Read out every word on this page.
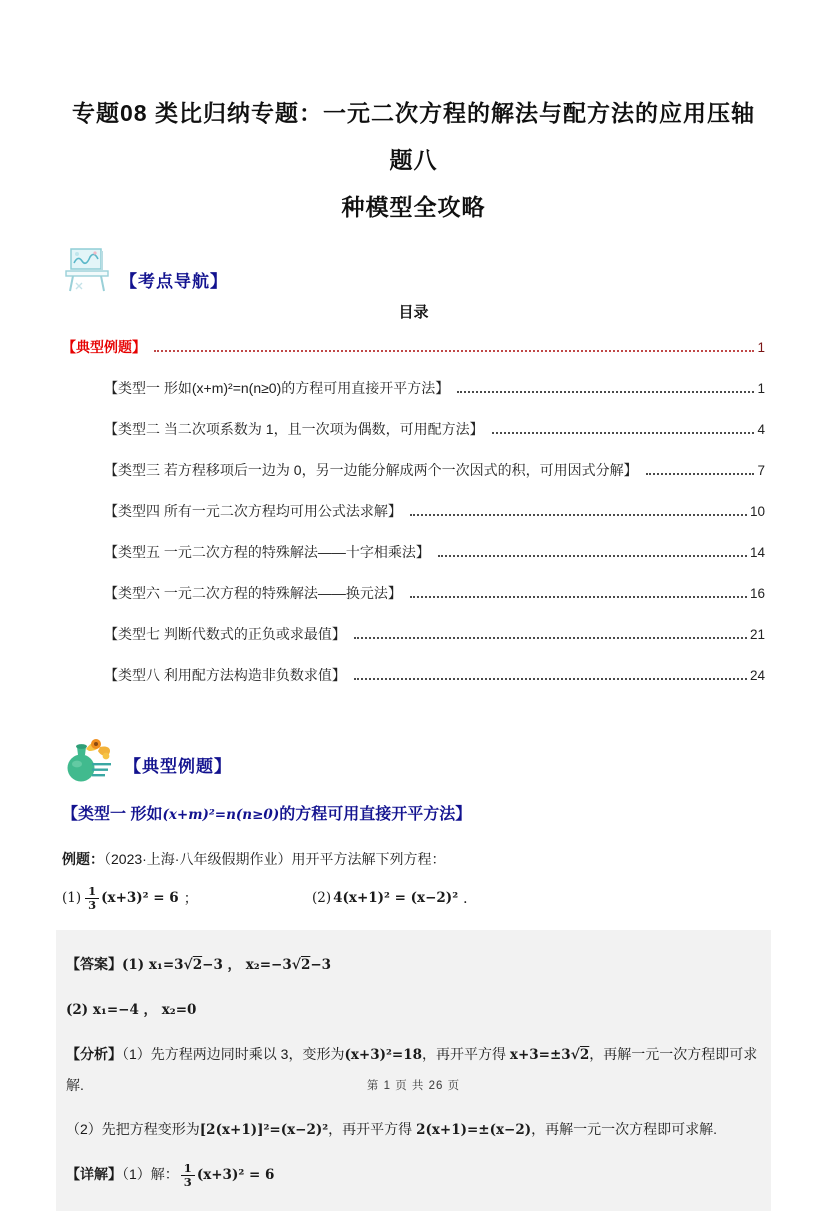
专题08 类比归纳专题：一元二次方程的解法与配方法的应用压轴题八
种模型全攻略
【考点导航】
目录
【典型例题】	1
【类型一 形如(x+m)²=n(n≥0)的方程可用直接开平方法】	1
【类型二 当二次项系数为 1，且一次项为偶数，可用配方法】	4
【类型三 若方程移项后一边为 0，另一边能分解成两个一次因式的积，可用因式分解】	7
【类型四 所有一元二次方程均可用公式法求解】	10
【类型五 一元二次方程的特殊解法——十字相乘法】	14
【类型六 一元二次方程的特殊解法——换元法】	16
【类型七 判断代数式的正负或求最值】	21
【类型八 利用配方法构造非负数求值】	24
【典型例题】
【类型一 形如(x+m)²=n(n≥0)的方程可用直接开平方法】
例题：（2023·上海·八年级假期作业）用开平方法解下列方程：
$(1) \frac{1}{3} (x+3)^2 = 6$ ；	(2) 4(x+1)² = (x−2)² ．

【答案】(1) x₁=3√2−3 ， x₂=−3√2−3

(2) x₁=−4 ， x₂=0

【分析】（1）先方程两边同时乘以 3，变形为(x+3)²=18，再开平方得 x+3=±3√2，再解一元一次方程即可求解.

（2）先把方程变形为[2(x+1)]²=(x−2)²，再开平方得 2(x+1)=±(x−2)，再解一元一次方程即可求解.

【详解】（1）解： $\frac{1}{3} (x+3)^2 = 6$

第 1 页 共 26 页
